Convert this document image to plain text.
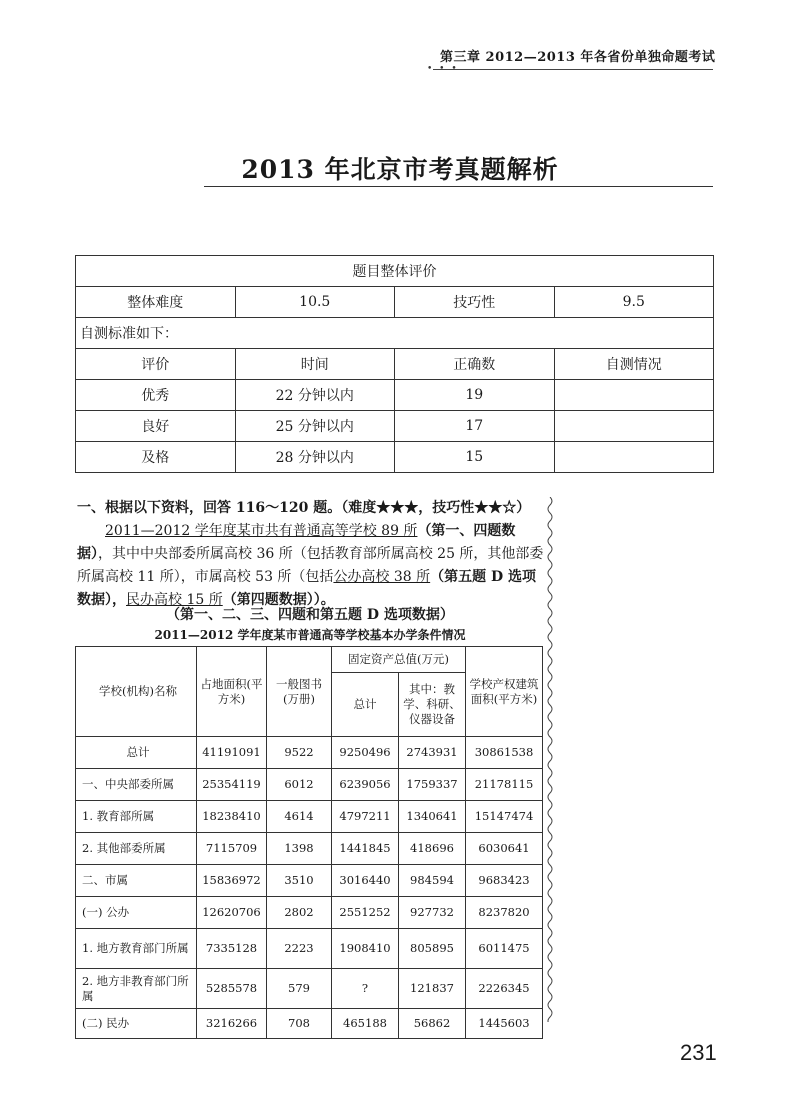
第三章 2012—2013 年各省份单独命题考试
• • •
2013 年北京市考真题解析
题目整体评价			
整体难度	10.5	技巧性	9.5
自测标准如下：			
评价	时间	正确数	自测情况
优秀	22 分钟以内	19	
良好	25 分钟以内	17	
及格	28 分钟以内	15	

一、根据以下资料，回答 116～120 题。（难度★★★，技巧性★★☆）

2011—2012 学年度某市共有普通高等学校 89 所（第一、四题数据），其中中央部委所属高校 36 所（包括教育部所属高校 25 所，其他部委所属高校 11 所），市属高校 53 所（包括公办高校 38 所（第五题 D 选项数据），民办高校 15 所（第四题数据））。

（第一、二、三、四题和第五题 D 选项数据）
2011—2012 学年度某市普通高等学校基本办学条件情况
学校(机构)名称	占地面积(平方米)	一般图书(万册)	固定资产总值(万元)		学校产权建筑面积(平方米)
			总计	其中：教学、科研、仪器设备	
总计	41191091	9522	9250496	2743931	30861538
一、中央部委所属	25354119	6012	6239056	1759337	21178115
1. 教育部所属	18238410	4614	4797211	1340641	15147474
2. 其他部委所属	7115709	1398	1441845	418696	6030641
二、市属	15836972	3510	3016440	984594	9683423
(一) 公办	12620706	2802	2551252	927732	8237820
1. 地方教育部门所属	7335128	2223	1908410	805895	6011475
2. 地方非教育部门所属	5285578	579	?	121837	2226345
(二) 民办	3216266	708	465188	56862	1445603
231
